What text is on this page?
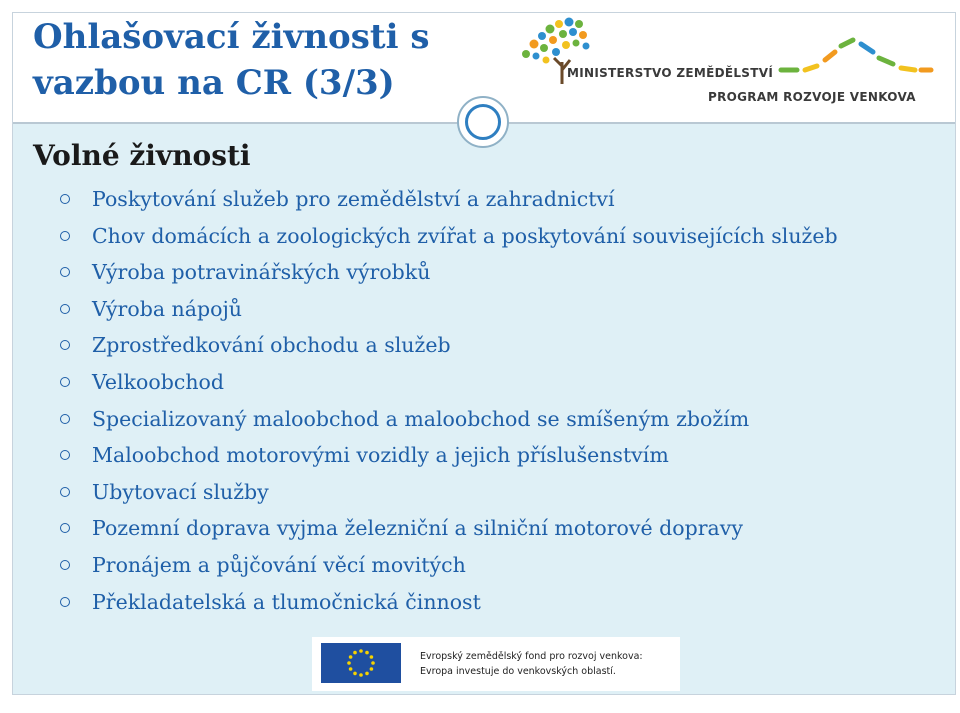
Ohlašovací živnosti s vazbou na CR (3/3)	MINISTERSTVO ZEMĚDĚLSTVÍ
PROGRAM ROZVOJE VENKOVA
Volné živnosti
Poskytování služeb pro zemědělství a zahradnictví
Chov domácích a zoologických zvířat a poskytování souvisejících služeb
Výroba potravinářských výrobků
Výroba nápojů
Zprostředkování obchodu a služeb
Velkoobchod
Specializovaný maloobchod a maloobchod se smíšeným zbožím
Maloobchod motorovými vozidly a jejich příslušenstvím
Ubytovací služby
Pozemní doprava vyjma železniční a silniční motorové dopravy
Pronájem a půjčování věcí movitých
Překladatelská a tlumočnická činnost
Evropský zemědělský fond pro rozvoj venkova:
Evropa investuje do venkovských oblastí.
